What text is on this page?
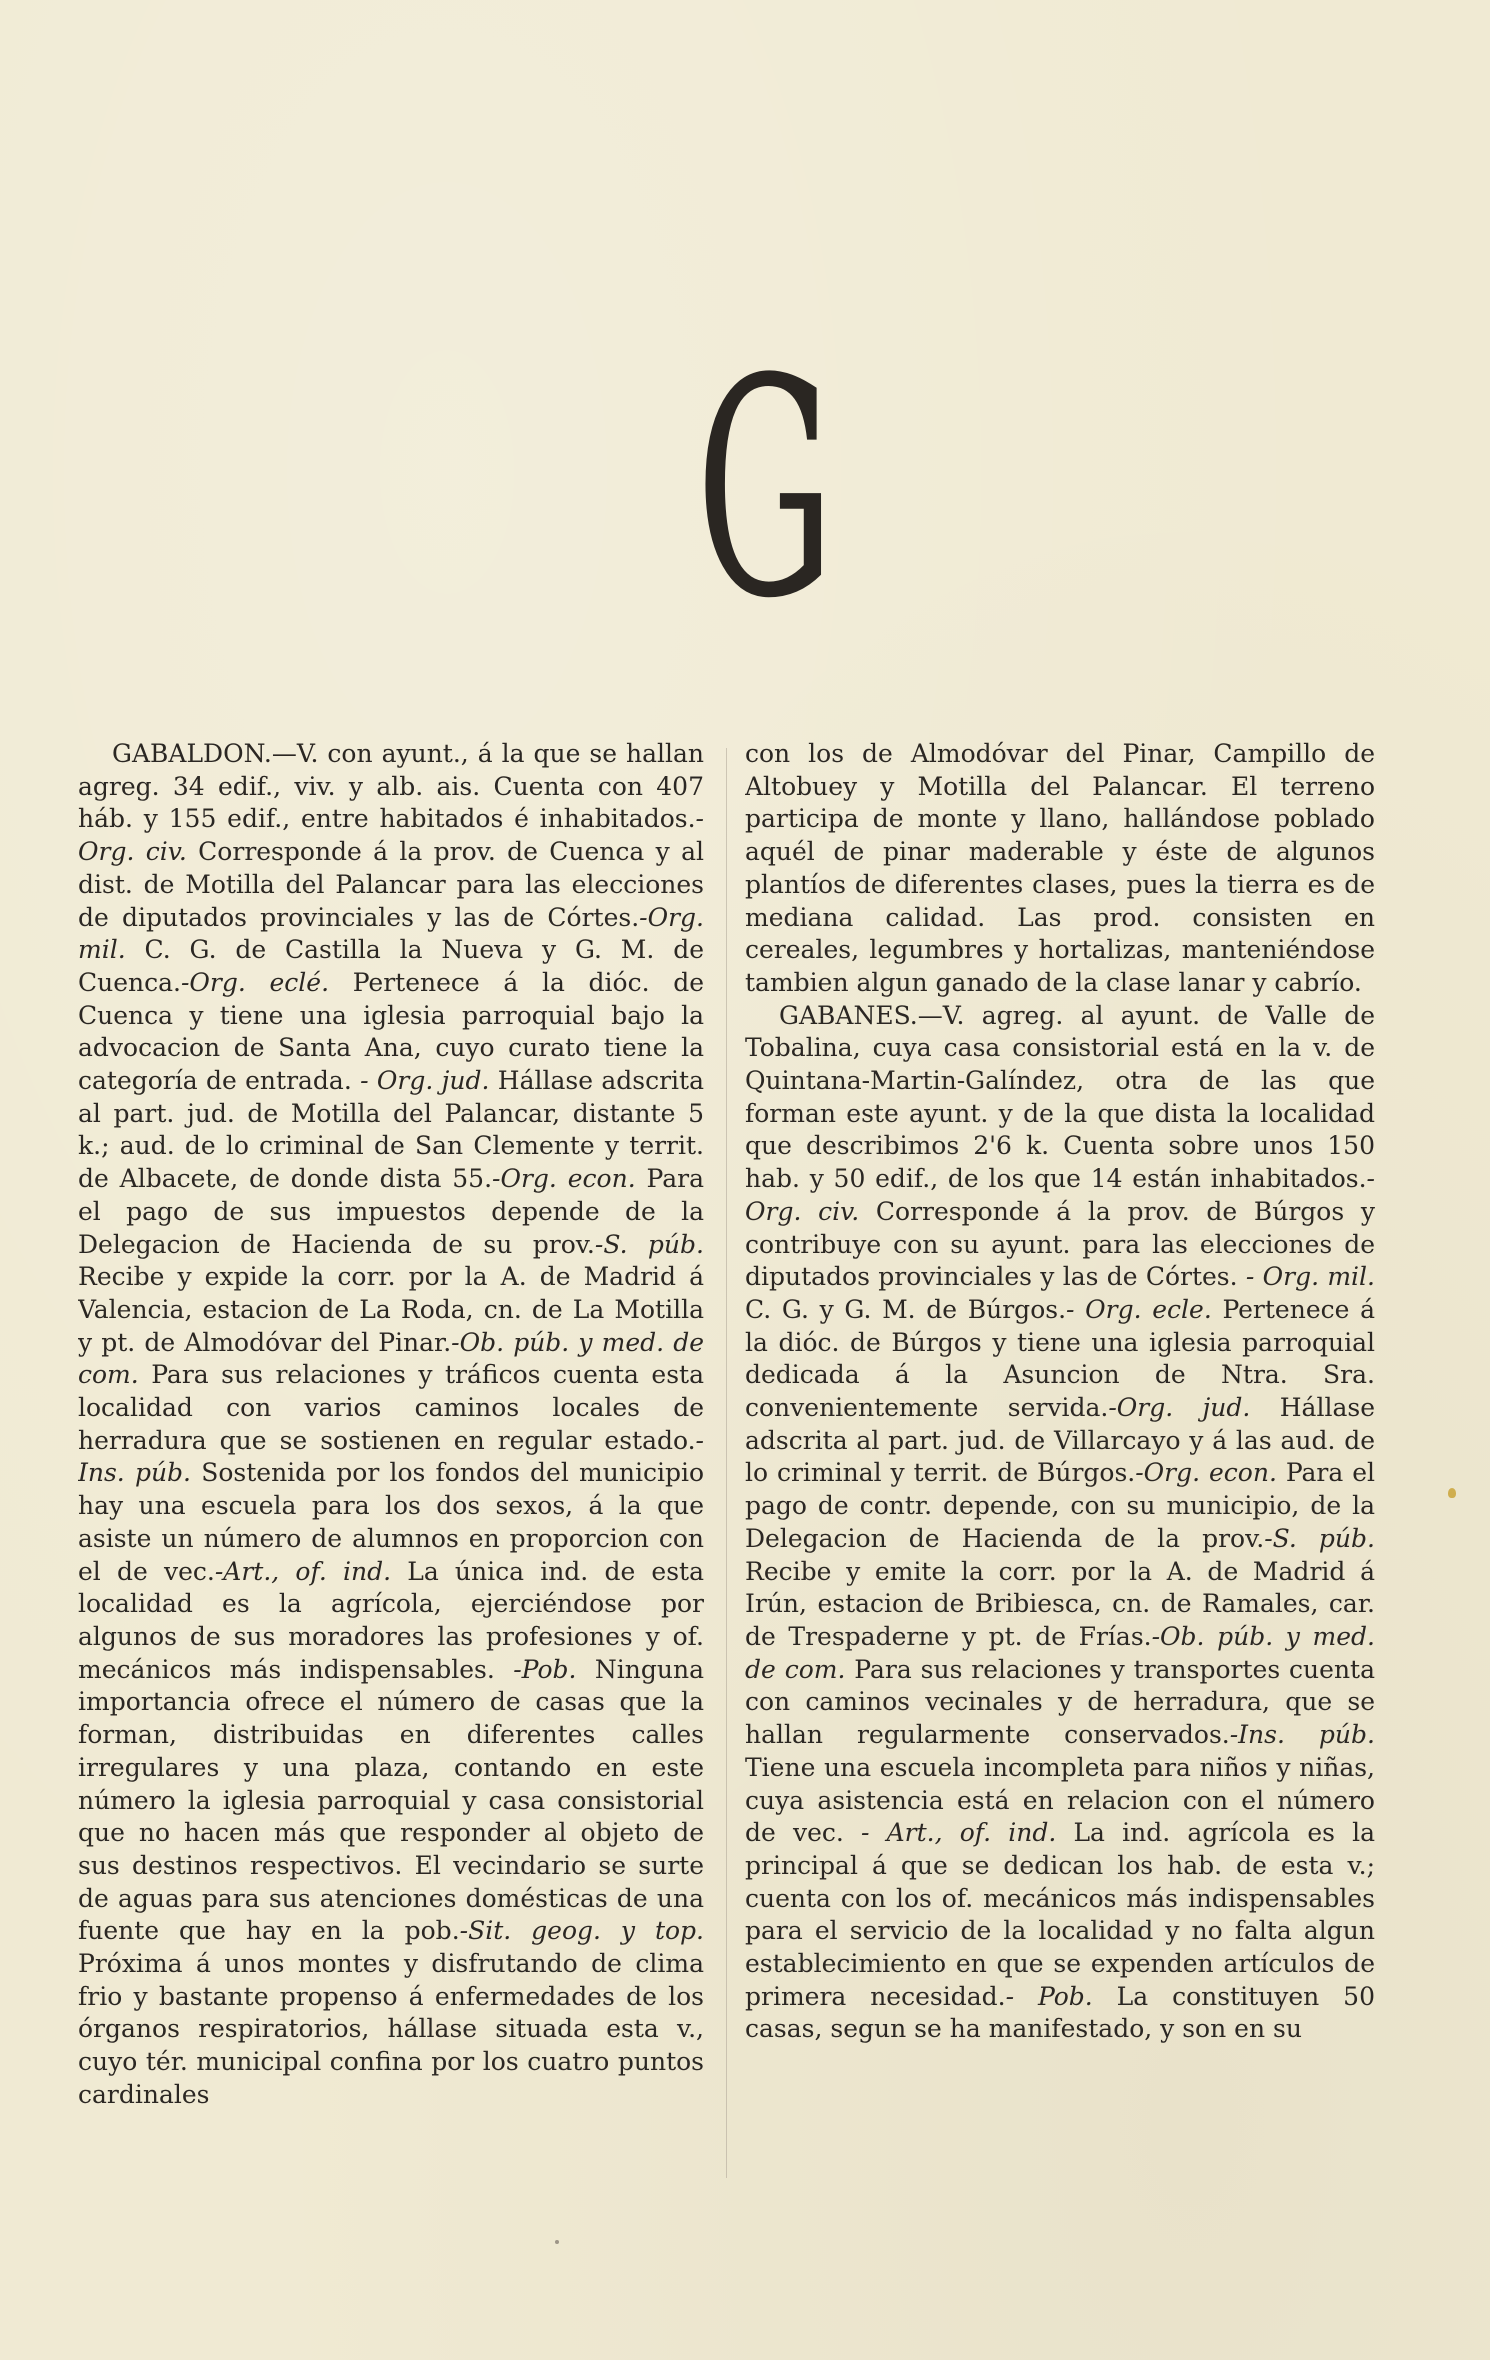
G

GABALDON.—V. con ayunt., á la que se hallan agreg. 34 edif., viv. y alb. ais. Cuenta con 407 háb. y 155 edif., entre habitados é inhabitados.-Org. civ. Corresponde á la prov. de Cuenca y al dist. de Motilla del Palancar para las elecciones de diputados provinciales y las de Córtes.-Org. mil. C. G. de Castilla la Nueva y G. M. de Cuenca.-Org. eclé. Pertenece á la dióc. de Cuenca y tiene una iglesia parroquial bajo la advocacion de Santa Ana, cuyo curato tiene la categoría de entrada. - Org. jud. Hállase adscrita al part. jud. de Motilla del Palancar, distante 5 k.; aud. de lo criminal de San Clemente y territ. de Albacete, de donde dista 55.-Org. econ. Para el pago de sus impuestos depende de la Delegacion de Hacienda de su prov.-S. púb. Recibe y expide la corr. por la A. de Madrid á Valencia, estacion de La Roda, cn. de La Motilla y pt. de Almodóvar del Pinar.-Ob. púb. y med. de com. Para sus relaciones y tráficos cuenta esta localidad con varios caminos locales de herradura que se sostienen en regular estado.-Ins. púb. Sostenida por los fondos del municipio hay una escuela para los dos sexos, á la que asiste un número de alumnos en proporcion con el de vec.-Art., of. ind. La única ind. de esta localidad es la agrícola, ejerciéndose por algunos de sus moradores las profesiones y of. mecánicos más indispensables. -Pob. Ninguna importancia ofrece el número de casas que la forman, distribuidas en diferentes calles irregulares y una plaza, contando en este número la iglesia parroquial y casa consistorial que no hacen más que responder al objeto de sus destinos respectivos. El vecindario se surte de aguas para sus atenciones domésticas de una fuente que hay en la pob.-Sit. geog. y top. Próxima á unos montes y disfrutando de clima frio y bastante propenso á enfermedades de los órganos respiratorios, hállase situada esta v., cuyo tér. municipal confina por los cuatro puntos cardinales

con los de Almodóvar del Pinar, Campillo de Altobuey y Motilla del Palancar. El terreno participa de monte y llano, hallándose poblado aquél de pinar maderable y éste de algunos plantíos de diferentes clases, pues la tierra es de mediana calidad. Las prod. consisten en cereales, legumbres y hortalizas, manteniéndose tambien algun ganado de la clase lanar y cabrío.

GABANES.—V. agreg. al ayunt. de Valle de Tobalina, cuya casa consistorial está en la v. de Quintana-Martin-Galíndez, otra de las que forman este ayunt. y de la que dista la localidad que describimos 2'6 k. Cuenta sobre unos 150 hab. y 50 edif., de los que 14 están inhabitados.-Org. civ. Corresponde á la prov. de Búrgos y contribuye con su ayunt. para las elecciones de diputados provinciales y las de Córtes. - Org. mil. C. G. y G. M. de Búrgos.- Org. ecle. Pertenece á la dióc. de Búrgos y tiene una iglesia parroquial dedicada á la Asuncion de Ntra. Sra. convenientemente servida.-Org. jud. Hállase adscrita al part. jud. de Villarcayo y á las aud. de lo criminal y territ. de Búrgos.-Org. econ. Para el pago de contr. depende, con su municipio, de la Delegacion de Hacienda de la prov.-S. púb. Recibe y emite la corr. por la A. de Madrid á Irún, estacion de Bribiesca, cn. de Ramales, car. de Trespaderne y pt. de Frías.-Ob. púb. y med. de com. Para sus relaciones y transportes cuenta con caminos vecinales y de herradura, que se hallan regularmente conservados.-Ins. púb. Tiene una escuela incompleta para niños y niñas, cuya asistencia está en relacion con el número de vec. - Art., of. ind. La ind. agrícola es la principal á que se dedican los hab. de esta v.; cuenta con los of. mecánicos más indispensables para el servicio de la localidad y no falta algun establecimiento en que se expenden artículos de primera necesidad.- Pob. La constituyen 50 casas, segun se ha manifestado, y son en su
